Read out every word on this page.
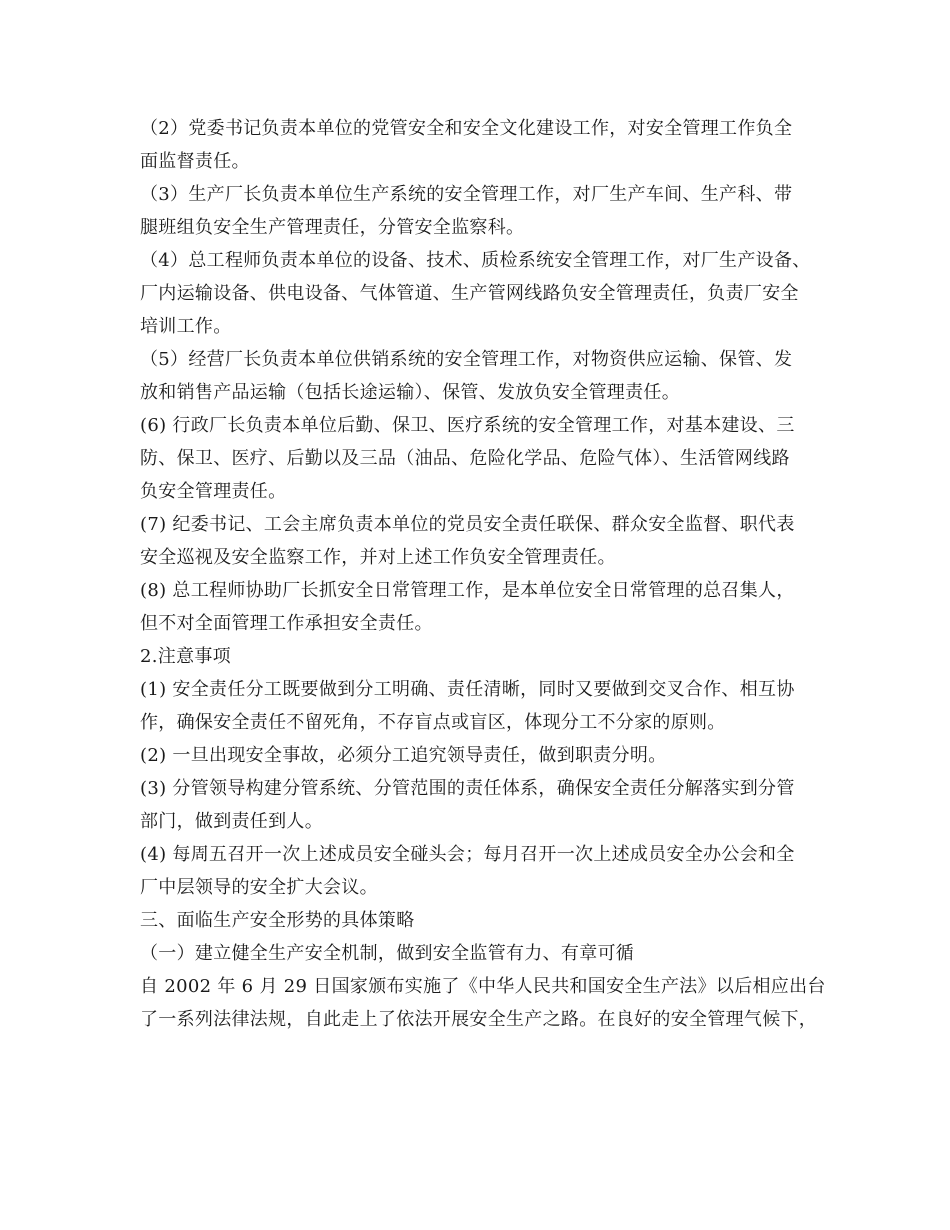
（2）党委书记负责本单位的党管安全和安全文化建设工作，对安全管理工作负全
面监督责任。
（3）生产厂长负责本单位生产系统的安全管理工作，对厂生产车间、生产科、带
腿班组负安全生产管理责任，分管安全监察科。
（4）总工程师负责本单位的设备、技术、质检系统安全管理工作，对厂生产设备、
厂内运输设备、供电设备、气体管道、生产管网线路负安全管理责任，负责厂安全
培训工作。
（5）经营厂长负责本单位供销系统的安全管理工作，对物资供应运输、保管、发
放和销售产品运输（包括长途运输）、保管、发放负安全管理责任。
(6) 行政厂长负责本单位后勤、保卫、医疗系统的安全管理工作，对基本建设、三
防、保卫、医疗、后勤以及三品（油品、危险化学品、危险气体）、生活管网线路
负安全管理责任。
(7) 纪委书记、工会主席负责本单位的党员安全责任联保、群众安全监督、职代表
安全巡视及安全监察工作，并对上述工作负安全管理责任。
(8) 总工程师协助厂长抓安全日常管理工作，是本单位安全日常管理的总召集人，
但不对全面管理工作承担安全责任。
2.注意事项
(1) 安全责任分工既要做到分工明确、责任清晰，同时又要做到交叉合作、相互协
作，确保安全责任不留死角，不存盲点或盲区，体现分工不分家的原则。
(2) 一旦出现安全事故，必须分工追究领导责任，做到职责分明。
(3) 分管领导构建分管系统、分管范围的责任体系，确保安全责任分解落实到分管
部门，做到责任到人。
(4) 每周五召开一次上述成员安全碰头会；每月召开一次上述成员安全办公会和全
厂中层领导的安全扩大会议。
三、面临生产安全形势的具体策略
（一）建立健全生产安全机制，做到安全监管有力、有章可循
自 2002 年 6 月 29 日国家颁布实施了《中华人民共和国安全生产法》以后相应出台
了一系列法律法规，自此走上了依法开展安全生产之路。在良好的安全管理气候下，
